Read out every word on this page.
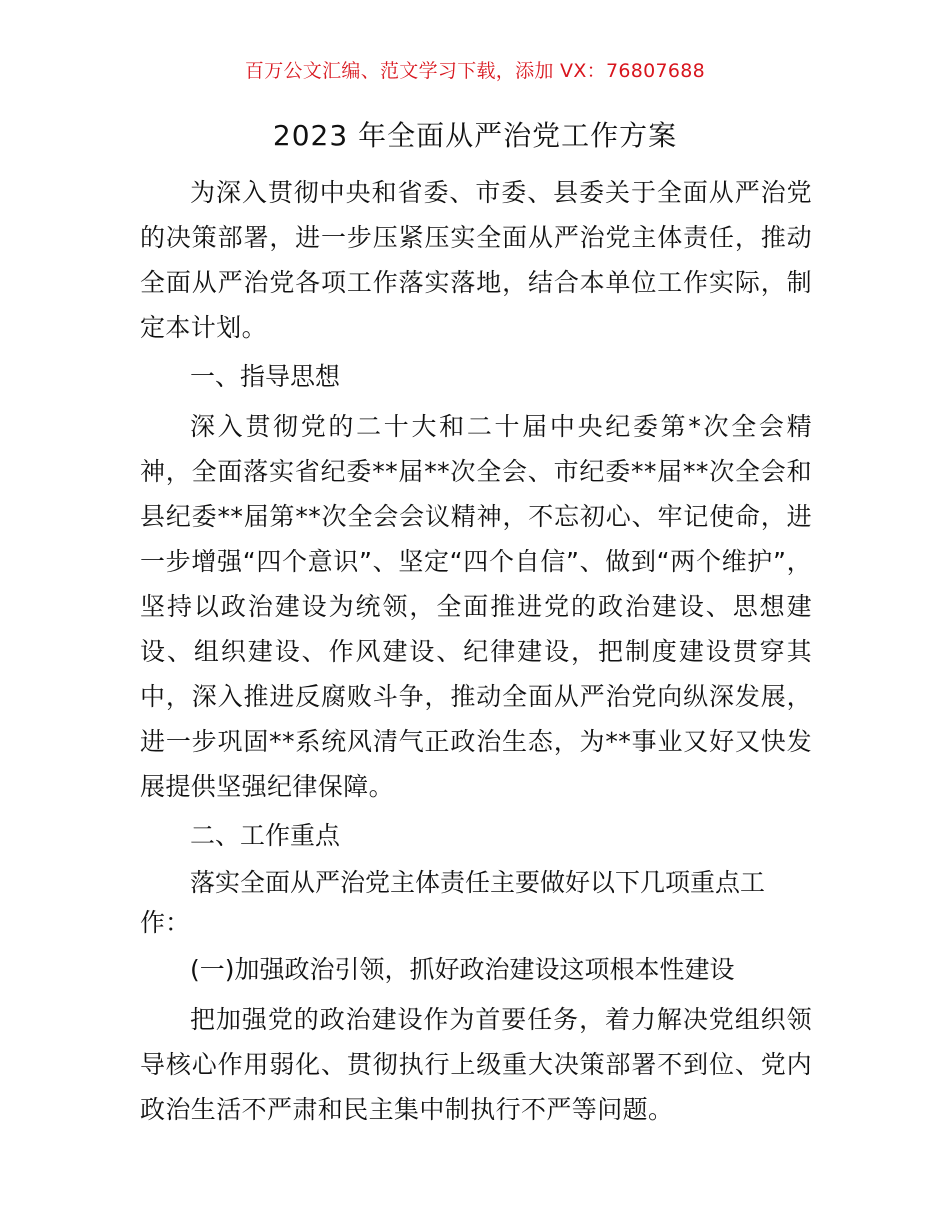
百万公文汇编、范文学习下载，添加 VX：76807688
2023 年全面从严治党工作方案

为深入贯彻中央和省委、市委、县委关于全面从严治党的决策部署，进一步压紧压实全面从严治党主体责任，推动全面从严治党各项工作落实落地，结合本单位工作实际，制定本计划。

一、指导思想

深入贯彻党的二十大和二十届中央纪委第*次全会精神，全面落实省纪委**届**次全会、市纪委**届**次全会和县纪委**届第**次全会会议精神，不忘初心、牢记使命，进一步增强“四个意识”、坚定“四个自信”、做到“两个维护”，坚持以政治建设为统领，全面推进党的政治建设、思想建设、组织建设、作风建设、纪律建设，把制度建设贯穿其中，深入推进反腐败斗争，推动全面从严治党向纵深发展，进一步巩固**系统风清气正政治生态，为**事业又好又快发展提供坚强纪律保障。

二、工作重点

落实全面从严治党主体责任主要做好以下几项重点工作：

(一)加强政治引领，抓好政治建设这项根本性建设

把加强党的政治建设作为首要任务，着力解决党组织领导核心作用弱化、贯彻执行上级重大决策部署不到位、党内政治生活不严肃和民主集中制执行不严等问题。
